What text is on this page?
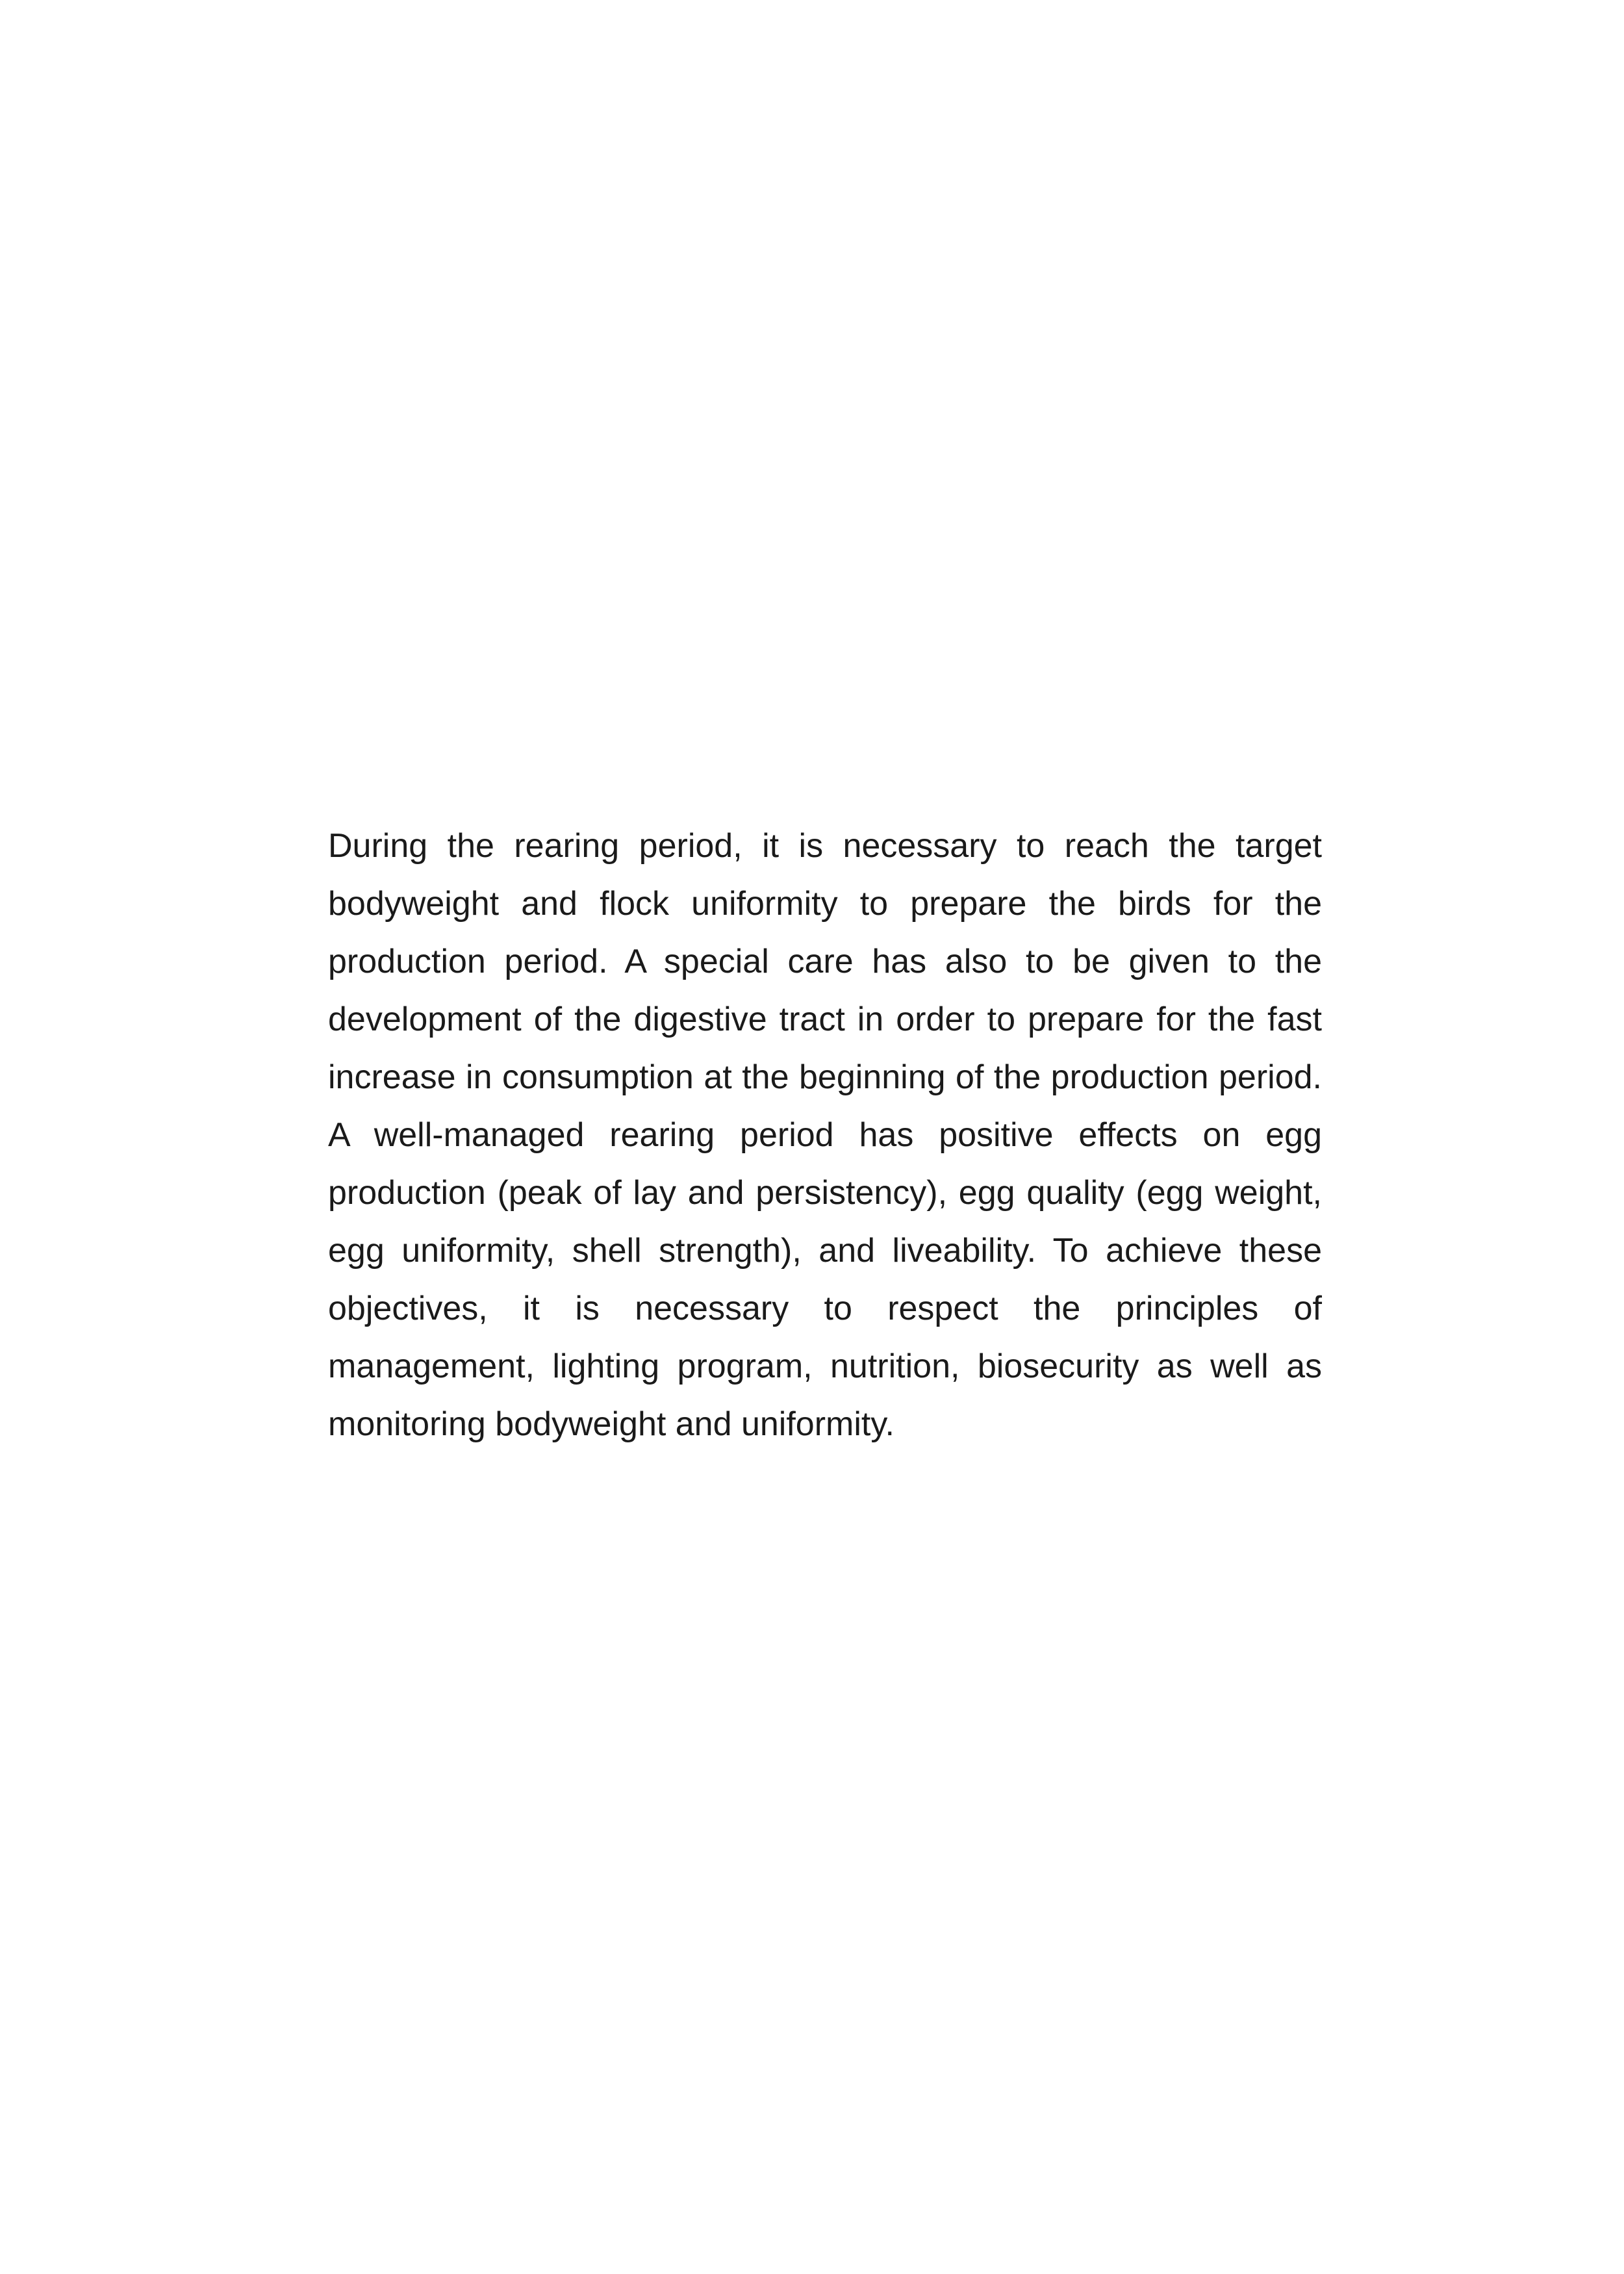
During the rearing period, it is necessary to reach the target bodyweight and flock uniformity to prepare the birds for the production period. A special care has also to be given to the development of the digestive tract in order to prepare for the fast increase in consumption at the beginning of the production period. A well-managed rearing period has positive effects on egg production (peak of lay and persistency), egg quality (egg weight, egg uniformity, shell strength), and liveability. To achieve these objectives, it is necessary to respect the principles of management, lighting program, nutrition, biosecurity as well as monitoring bodyweight and uniformity.
